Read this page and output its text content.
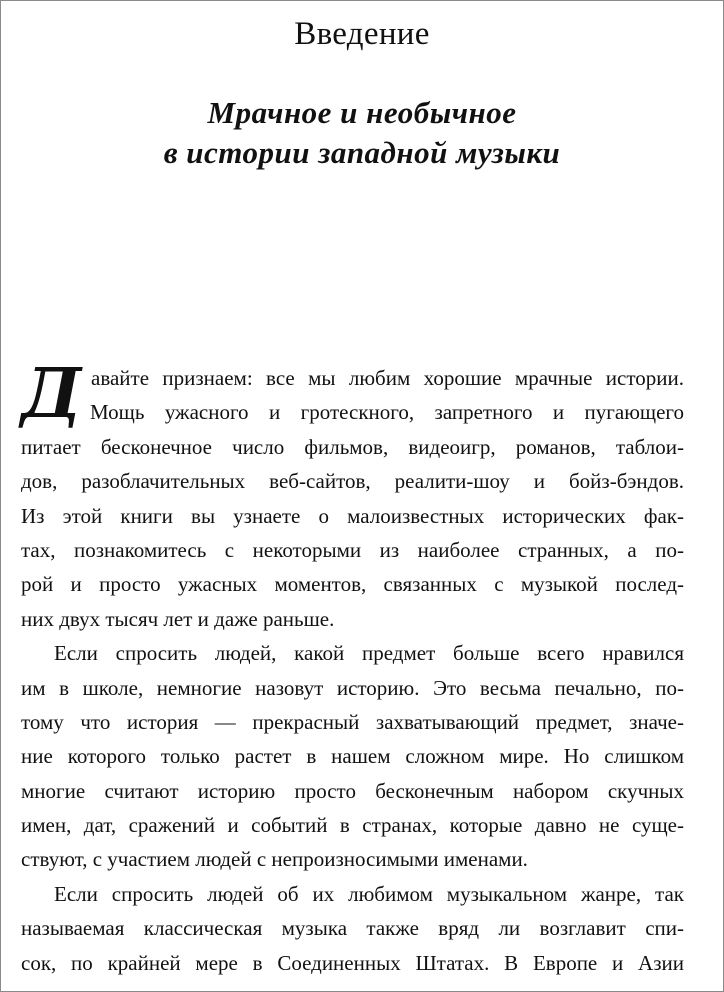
Введение
Мрачное и необычное
в истории западной музыки
Д авайте признаем: все мы любим хорошие мрачные истории.
Мощь ужасного и гротескного, запретного и пугающего
питает бесконечное число фильмов, видеоигр, романов, таблои-
дов, разоблачительных веб-сайтов, реалити-шоу и бойз-бэндов.
Из этой книги вы узнаете о малоизвестных исторических фак-
тах, познакомитесь с некоторыми из наиболее странных, а по-
рой и просто ужасных моментов, связанных с музыкой послед-
них двух тысяч лет и даже раньше.
Если спросить людей, какой предмет больше всего нравился
им в школе, немногие назовут историю. Это весьма печально, по-
тому что история — прекрасный захватывающий предмет, значе-
ние которого только растет в нашем сложном мире. Но слишком
многие считают историю просто бесконечным набором скучных
имен, дат, сражений и событий в странах, которые давно не суще-
ствуют, с участием людей с непроизносимыми именами.
Если спросить людей об их любимом музыкальном жанре, так
называемая классическая музыка также вряд ли возглавит спи-
сок, по крайней мере в Соединенных Штатах. В Европе и Азии
